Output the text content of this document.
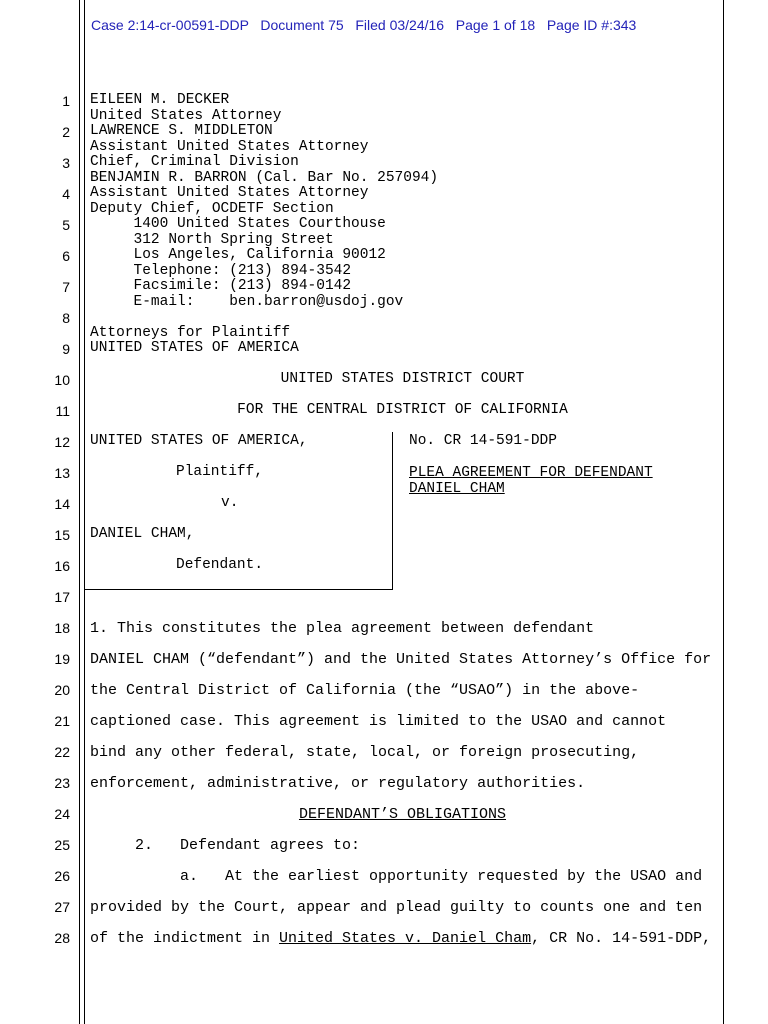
Case 2:14-cr-00591-DDP Document 75 Filed 03/24/16 Page 1 of 18 Page ID #:343
1
2
3
4
5
6
7
8
9
10
11
12
13
14
15
16
17
18
19
20
21
22
23
24
25
26
27
28
EILEEN M. DECKER
United States Attorney
LAWRENCE S. MIDDLETON
Assistant United States Attorney
Chief, Criminal Division
BENJAMIN R. BARRON (Cal. Bar No. 257094)
Assistant United States Attorney
Deputy Chief, OCDETF Section
1400 United States Courthouse
312 North Spring Street
Los Angeles, California 90012
Telephone: (213) 894-3542
Facsimile: (213) 894-0142
E-mail:    ben.barron@usdoj.gov
Attorneys for Plaintiff
UNITED STATES OF AMERICA
UNITED STATES DISTRICT COURT
FOR THE CENTRAL DISTRICT OF CALIFORNIA
UNITED STATES OF AMERICA,
Plaintiff,
v.
DANIEL CHAM,
Defendant.
No. CR 14-591-DDP
PLEA AGREEMENT FOR DEFENDANT
DANIEL CHAM
1. This constitutes the plea agreement between defendant
DANIEL CHAM (“defendant”) and the United States Attorney’s Office for
the Central District of California (the “USAO”) in the above-
captioned case. This agreement is limited to the USAO and cannot
bind any other federal, state, local, or foreign prosecuting,
enforcement, administrative, or regulatory authorities.
DEFENDANT’S OBLIGATIONS
2.   Defendant agrees to:
a.   At the earliest opportunity requested by the USAO and
provided by the Court, appear and plead guilty to counts one and ten
of the indictment in United States v. Daniel Cham, CR No. 14-591-DDP,
